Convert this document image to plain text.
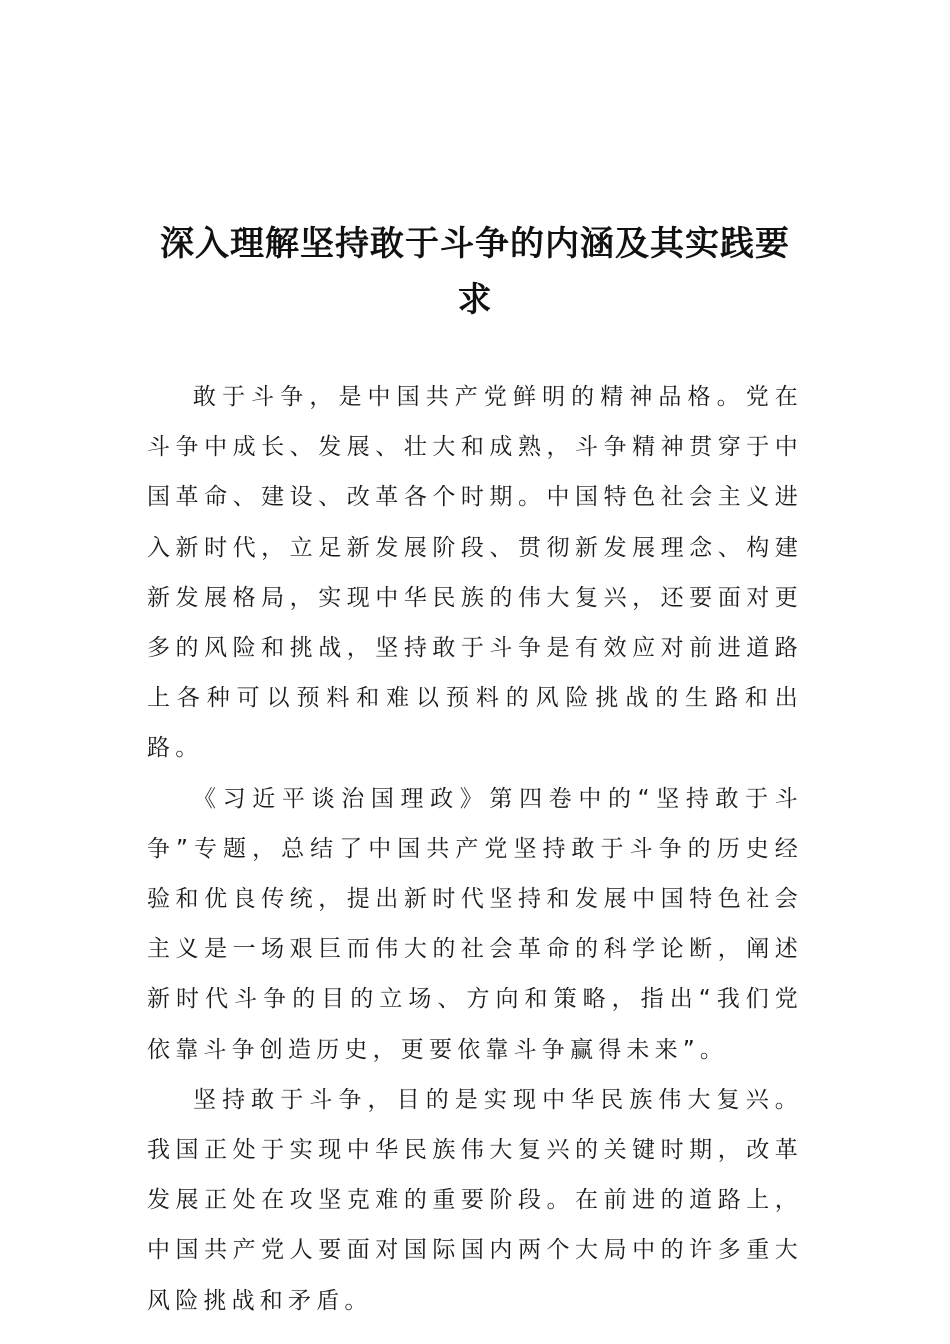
深入理解坚持敢于斗争的内涵及其实践要求

敢于斗争，是中国共产党鲜明的精神品格。党在斗争中成长、发展、壮大和成熟，斗争精神贯穿于中国革命、建设、改革各个时期。中国特色社会主义进入新时代，立足新发展阶段、贯彻新发展理念、构建新发展格局，实现中华民族的伟大复兴，还要面对更多的风险和挑战，坚持敢于斗争是有效应对前进道路上各种可以预料和难以预料的风险挑战的生路和出路。

《习近平谈治国理政》第四卷中的“坚持敢于斗争”专题，总结了中国共产党坚持敢于斗争的历史经验和优良传统，提出新时代坚持和发展中国特色社会主义是一场艰巨而伟大的社会革命的科学论断，阐述新时代斗争的目的立场、方向和策略，指出“我们党依靠斗争创造历史，更要依靠斗争赢得未来”。

坚持敢于斗争，目的是实现中华民族伟大复兴。我国正处于实现中华民族伟大复兴的关键时期，改革发展正处在攻坚克难的重要阶段。在前进的道路上，中国共产党人要面对国际国内两个大局中的许多重大风险挑战和矛盾。
